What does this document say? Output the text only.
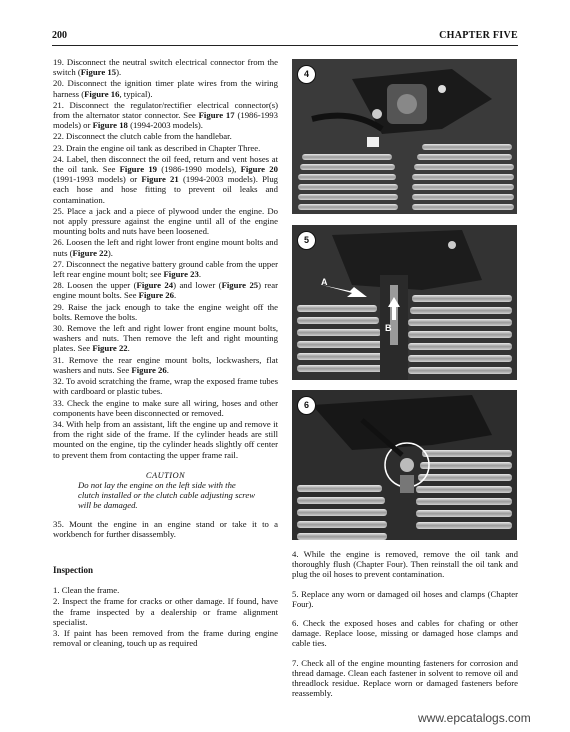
200	CHAPTER FIVE
19. Disconnect the neutral switch electrical connector from the switch (Figure 15).
20. Disconnect the ignition timer plate wires from the wiring harness (Figure 16, typical).
21. Disconnect the regulator/rectifier electrical connector(s) from the alternator stator connector. See Figure 17 (1986-1993 models) or Figure 18 (1994-2003 models).
22. Disconnect the clutch cable from the handlebar.
23. Drain the engine oil tank as described in Chapter Three.
24. Label, then disconnect the oil feed, return and vent hoses at the oil tank. See Figure 19 (1986-1990 models), Figure 20 (1991-1993 models) or Figure 21 (1994-2003 models). Plug each hose and hose fitting to prevent oil leaks and contamination.
25. Place a jack and a piece of plywood under the engine. Do not apply pressure against the engine until all of the engine mounting bolts and nuts have been loosened.
26. Loosen the left and right lower front engine mount bolts and nuts (Figure 22).
27. Disconnect the negative battery ground cable from the upper left rear engine mount bolt; see Figure 23.
28. Loosen the upper (Figure 24) and lower (Figure 25) rear engine mount bolts. See Figure 26.
29. Raise the jack enough to take the engine weight off the bolts. Remove the bolts.
30. Remove the left and right lower front engine mount bolts, washers and nuts. Then remove the left and right mounting plates. See Figure 22.
31. Remove the rear engine mount bolts, lockwashers, flat washers and nuts. See Figure 26.
32. To avoid scratching the frame, wrap the exposed frame tubes with cardboard or plastic tubes.
33. Check the engine to make sure all wiring, hoses and other components have been disconnected or removed.
34. With help from an assistant, lift the engine up and remove it from the right side of the frame. If the cylinder heads are still mounted on the engine, tip the cylinder heads slightly off center to prevent them from contacting the upper frame rail.
CAUTION
Do not lay the engine on the left side with the clutch installed or the clutch cable adjusting screw will be damaged.
35. Mount the engine in an engine stand or take it to a workbench for further disassembly.
Inspection
1. Clean the frame.
2. Inspect the frame for cracks or other damage. If found, have the frame inspected by a dealership or frame alignment specialist.
3. If paint has been removed from the frame during engine removal or cleaning, touch up as required
4
5
A
B
6
4. While the engine is removed, remove the oil tank and thoroughly flush (Chapter Four). Then reinstall the oil tank and plug the oil hoses to prevent contamination.
5. Replace any worn or damaged oil hoses and clamps (Chapter Four).
6. Check the exposed hoses and cables for chafing or other damage. Replace loose, missing or damaged hose clamps and cable ties.
7. Check all of the engine mounting fasteners for corrosion and thread damage. Clean each fastener in solvent to remove oil and threadlock residue. Replace worn or damaged fasteners before reassembly.
www.epcatalogs.com
